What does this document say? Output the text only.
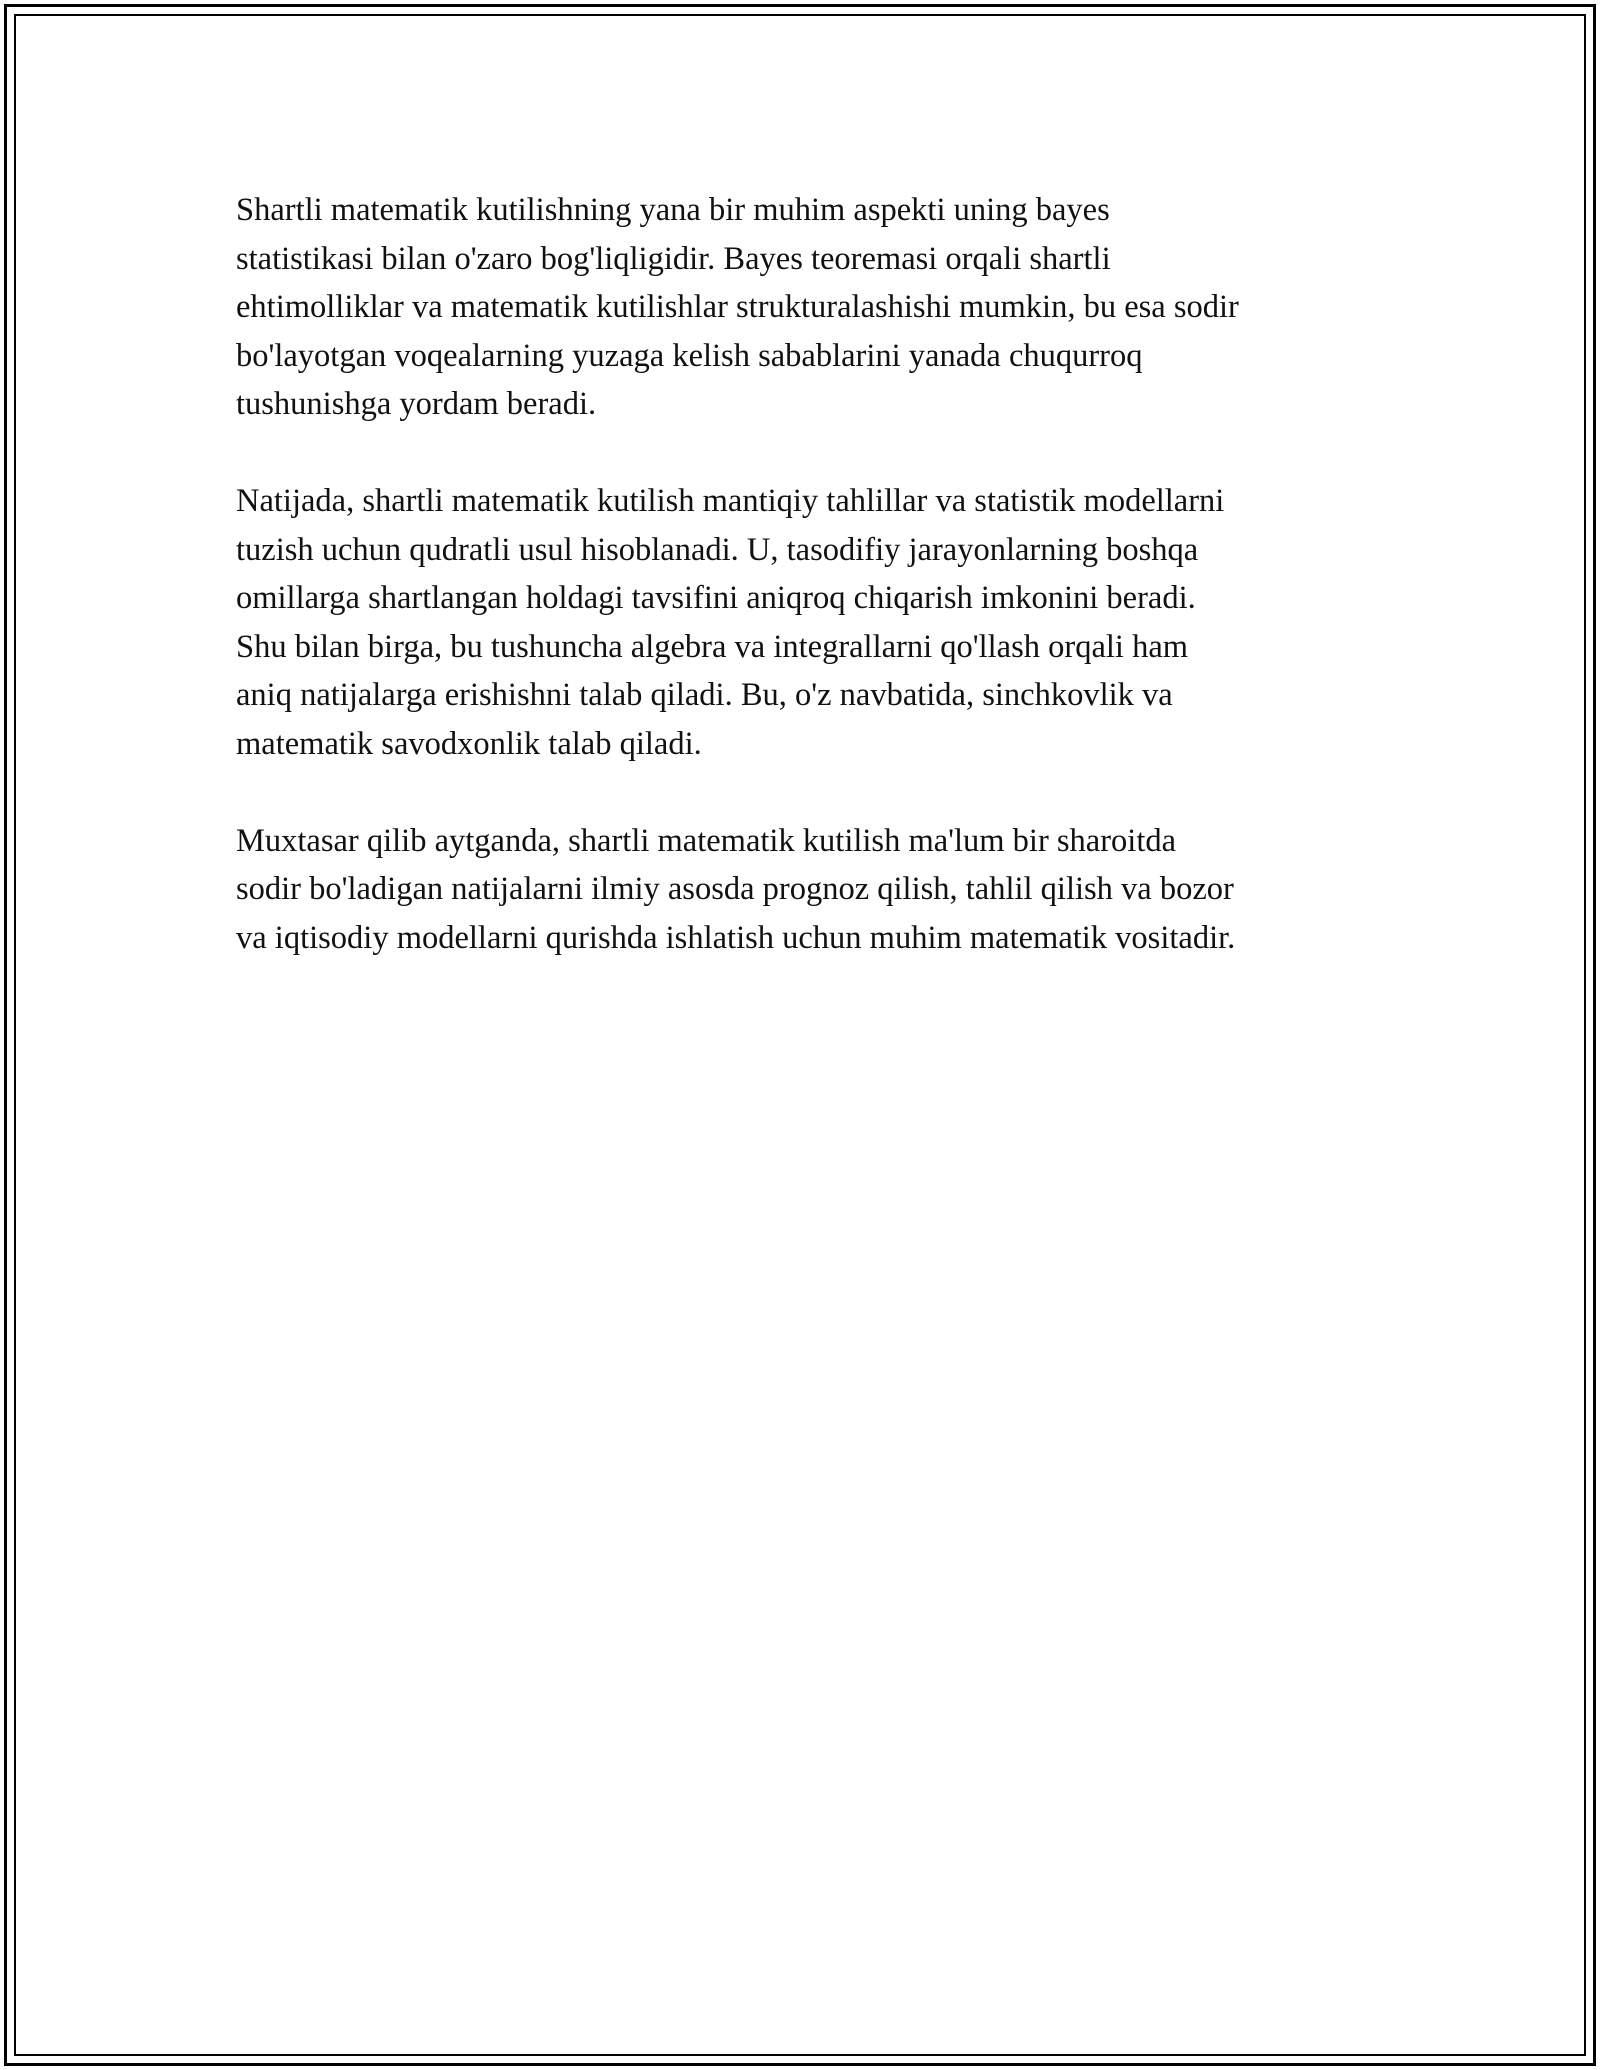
Shartli matematik kutilishning yana bir muhim aspekti uning bayes
statistikasi bilan o'zaro bog'liqligidir. Bayes teoremasi orqali shartli
ehtimolliklar va matematik kutilishlar strukturalashishi mumkin, bu esa sodir
bo'layotgan voqealarning yuzaga kelish sabablarini yanada chuqurroq
tushunishga yordam beradi.

Natijada, shartli matematik kutilish mantiqiy tahlillar va statistik modellarni
tuzish uchun qudratli usul hisoblanadi. U, tasodifiy jarayonlarning boshqa
omillarga shartlangan holdagi tavsifini aniqroq chiqarish imkonini beradi.
Shu bilan birga, bu tushuncha algebra va integrallarni qo'llash orqali ham
aniq natijalarga erishishni talab qiladi. Bu, o'z navbatida, sinchkovlik va
matematik savodxonlik talab qiladi.

Muxtasar qilib aytganda, shartli matematik kutilish ma'lum bir sharoitda
sodir bo'ladigan natijalarni ilmiy asosda prognoz qilish, tahlil qilish va bozor
va iqtisodiy modellarni qurishda ishlatish uchun muhim matematik vositadir.
